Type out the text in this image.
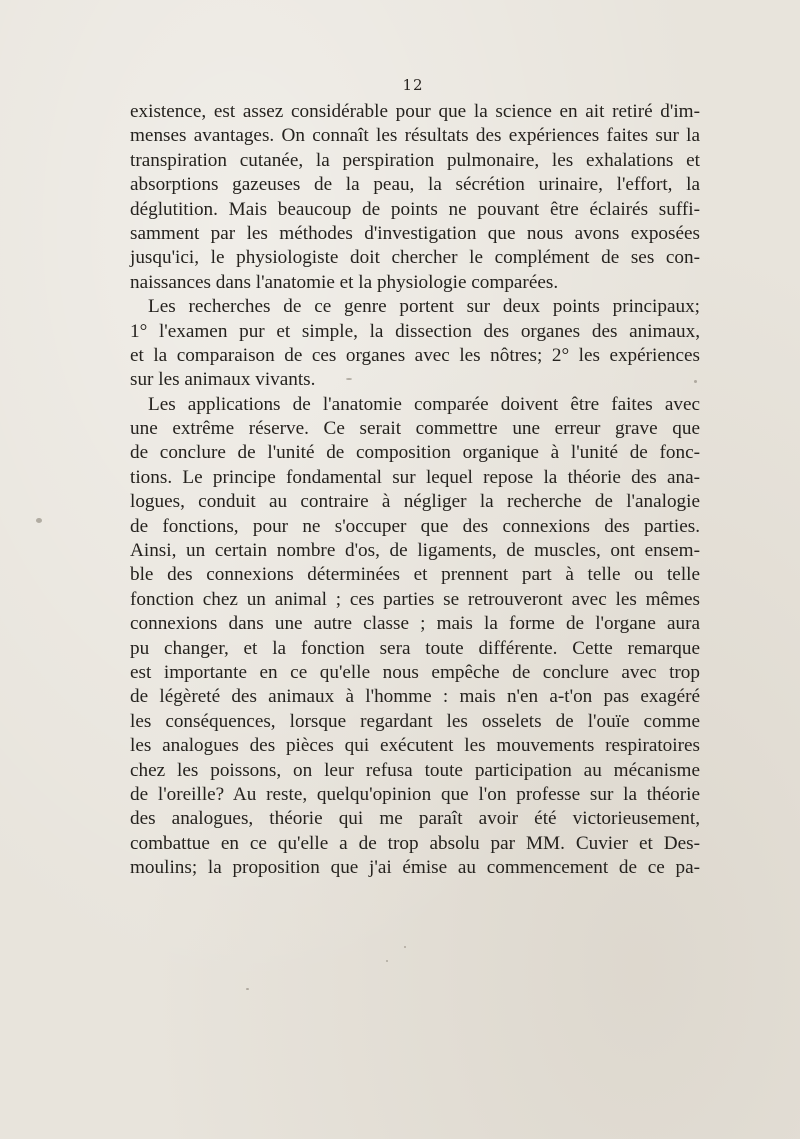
12
existence, est assez considérable pour que la science en ait retiré d'im-
menses avantages. On connaît les résultats des expériences faites sur la
transpiration cutanée, la perspiration pulmonaire, les exhalations et
absorptions gazeuses de la peau, la sécrétion urinaire, l'effort, la
déglutition. Mais beaucoup de points ne pouvant être éclairés suffi-
samment par les méthodes d'investigation que nous avons exposées
jusqu'ici, le physiologiste doit chercher le complément de ses con-
naissances dans l'anatomie et la physiologie comparées.
Les recherches de ce genre portent sur deux points principaux;
1° l'examen pur et simple, la dissection des organes des animaux,
et la comparaison de ces organes avec les nôtres; 2° les expériences
sur les animaux vivants.
Les applications de l'anatomie comparée doivent être faites avec
une extrême réserve. Ce serait commettre une erreur grave que
de conclure de l'unité de composition organique à l'unité de fonc-
tions. Le principe fondamental sur lequel repose la théorie des ana-
logues, conduit au contraire à négliger la recherche de l'analogie
de fonctions, pour ne s'occuper que des connexions des parties.
Ainsi, un certain nombre d'os, de ligaments, de muscles, ont ensem-
ble des connexions déterminées et prennent part à telle ou telle
fonction chez un animal ; ces parties se retrouveront avec les mêmes
connexions dans une autre classe ; mais la forme de l'organe aura
pu changer, et la fonction sera toute différente. Cette remarque
est importante en ce qu'elle nous empêche de conclure avec trop
de légèreté des animaux à l'homme : mais n'en a-t'on pas exagéré
les conséquences, lorsque regardant les osselets de l'ouïe comme
les analogues des pièces qui exécutent les mouvements respiratoires
chez les poissons, on leur refusa toute participation au mécanisme
de l'oreille? Au reste, quelqu'opinion que l'on professe sur la théorie
des analogues, théorie qui me paraît avoir été victorieusement,
combattue en ce qu'elle a de trop absolu par MM. Cuvier et Des-
moulins; la proposition que j'ai émise au commencement de ce pa-
